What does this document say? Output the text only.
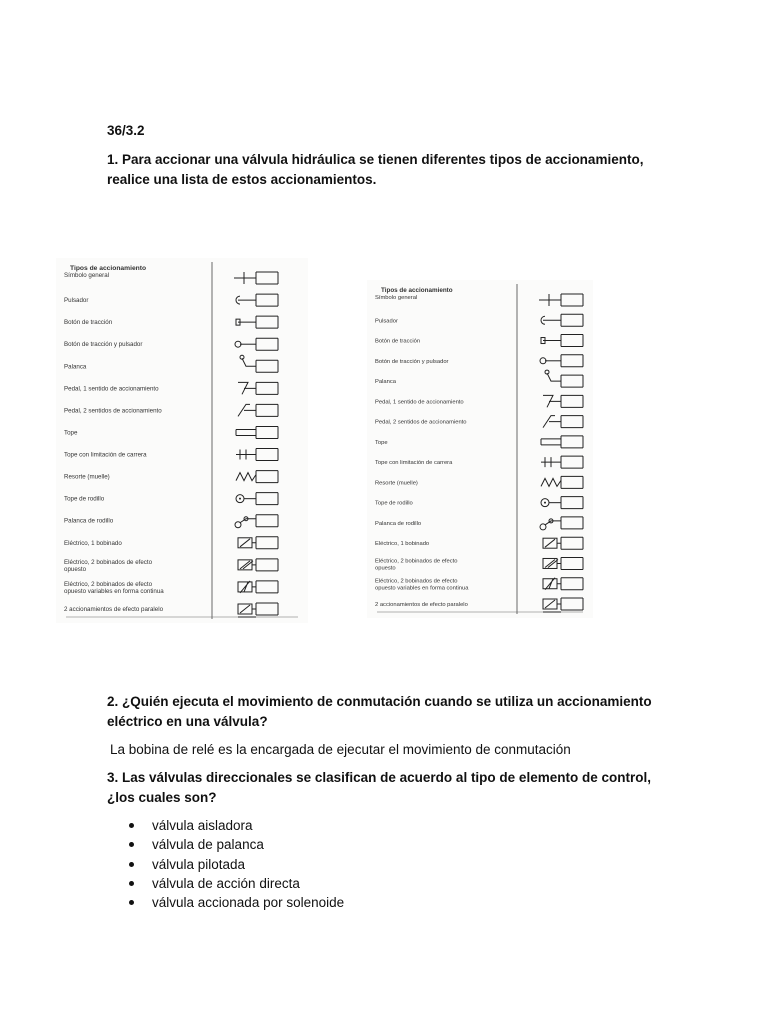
36/3.2
1. Para accionar una válvula hidráulica se tienen diferentes tipos de accionamiento, realice una lista de estos accionamientos.
Tipos de accionamiento
Símbolo general
Pulsador
Botón de tracción
Botón de tracción y pulsador
Palanca
Pedal, 1 sentido de accionamiento
Pedal, 2 sentidos de accionamiento
Tope
Tope con limitación de carrera
Resorte (muelle)
Tope de rodillo
Palanca de rodillo
Eléctrico, 1 bobinado
Eléctrico, 2 bobinados de efecto
opuesto
Eléctrico, 2 bobinados de efecto
opuesto variables en forma continua
2 accionamientos de efecto paralelo
Tipos de accionamiento
Símbolo general
Pulsador
Botón de tracción
Botón de tracción y pulsador
Palanca
Pedal, 1 sentido de accionamiento
Pedal, 2 sentidos de accionamiento
Tope
Tope con limitación de carrera
Resorte (muelle)
Tope de rodillo
Palanca de rodillo
Eléctrico, 1 bobinado
Eléctrico, 2 bobinados de efecto
opuesto
Eléctrico, 2 bobinados de efecto
opuesto variables en forma continua
2 accionamientos de efecto paralelo
2. ¿Quién ejecuta el movimiento de conmutación cuando se utiliza un accionamiento eléctrico en una válvula?
La bobina de relé es la encargada de ejecutar el movimiento de conmutación
3. Las válvulas direccionales se clasifican de acuerdo al tipo de elemento de control, ¿los cuales son?
válvula aisladora
válvula de palanca
válvula pilotada
válvula de acción directa
válvula accionada por solenoide
